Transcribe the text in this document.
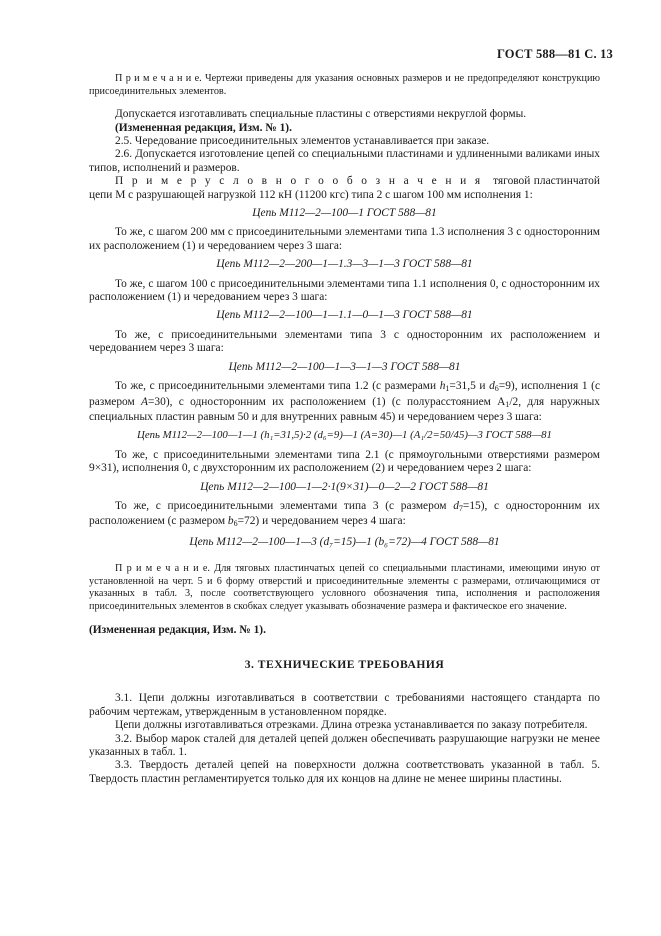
ГОСТ 588—81 С. 13

П р и м е ч а н и е. Чертежи приведены для указания основных размеров и не предопределяют конструкцию присоединительных элементов.

Допускается изготавливать специальные пластины с отверстиями некруглой формы.

(Измененная редакция, Изм. № 1).

2.5. Чередование присоединительных элементов устанавливается при заказе.

2.6. Допускается изготовление цепей со специальными пластинами и удлиненными валиками иных типов, исполнений и размеров.

П р и м е р у с л о в н о г о о б о з н а ч е н и я тяговой пластинчатой цепи М с разрушающей нагрузкой 112 кН (11200 кгс) типа 2 с шагом 100 мм исполнения 1:

Цепь М112—2—100—1 ГОСТ 588—81

То же, с шагом 200 мм с присоединительными элементами типа 1.3 исполнения 3 с односторонним их расположением (1) и чередованием через 3 шага:

Цепь М112—2—200—1—1.3—3—1—3 ГОСТ 588—81

То же, с шагом 100 с присоединительными элементами типа 1.1 исполнения 0, с односторонним их расположением (1) и чередованием через 3 шага:

Цепь М112—2—100—1—1.1—0—1—3 ГОСТ 588—81

То же, с присоединительными элементами типа 3 с односторонним их расположением и чередованием через 3 шага:

Цепь М112—2—100—1—3—1—3 ГОСТ 588—81

То же, с присоединительными элементами типа 1.2 (с размерами $h_1=31,5$ и $d_6=9$), исполнения 1 (с размером A=30), с односторонним их расположением (1) (с полурасстоянием $A_1/2$, для наружных специальных пластин равным 50 и для внутренних равным 45) и чередованием через 3 шага:

Цепь М112—2—100—1—1 (h₁=31,5)·2 (d₆=9)—1 (A=30)—1 (A₁/2=50/45)—3 ГОСТ 588—81

То же, с присоединительными элементами типа 2.1 (с прямоугольными отверстиями размером 9×31), исполнения 0, с двухсторонним их расположением (2) и чередованием через 2 шага:

Цепь М112—2—100—1—2·1(9×31)—0—2—2 ГОСТ 588—81

То же, с присоединительными элементами типа 3 (с размером $d_7=15$), с односторонним их расположением (с размером $b_6=72$) и чередованием через 4 шага:

Цепь М112—2—100—1—3 (d₇=15)—1 (b₆=72)—4 ГОСТ 588—81

П р и м е ч а н и е. Для тяговых пластинчатых цепей со специальными пластинами, имеющими иную от установленной на черт. 5 и 6 форму отверстий и присоединительные элементы с размерами, отличающимися от указанных в табл. 3, после соответствующего условного обозначения типа, исполнения и расположения присоединительных элементов в скобках следует указывать обозначение размера и фактическое его значение.

(Измененная редакция, Изм. № 1).

3. ТЕХНИЧЕСКИЕ ТРЕБОВАНИЯ

3.1. Цепи должны изготавливаться в соответствии с требованиями настоящего стандарта по рабочим чертежам, утвержденным в установленном порядке.

Цепи должны изготавливаться отрезками. Длина отрезка устанавливается по заказу потребителя.

3.2. Выбор марок сталей для деталей цепей должен обеспечивать разрушающие нагрузки не менее указанных в табл. 1.

3.3. Твердость деталей цепей на поверхности должна соответствовать указанной в табл. 5. Твердость пластин регламентируется только для их концов на длине не менее ширины пластины.
